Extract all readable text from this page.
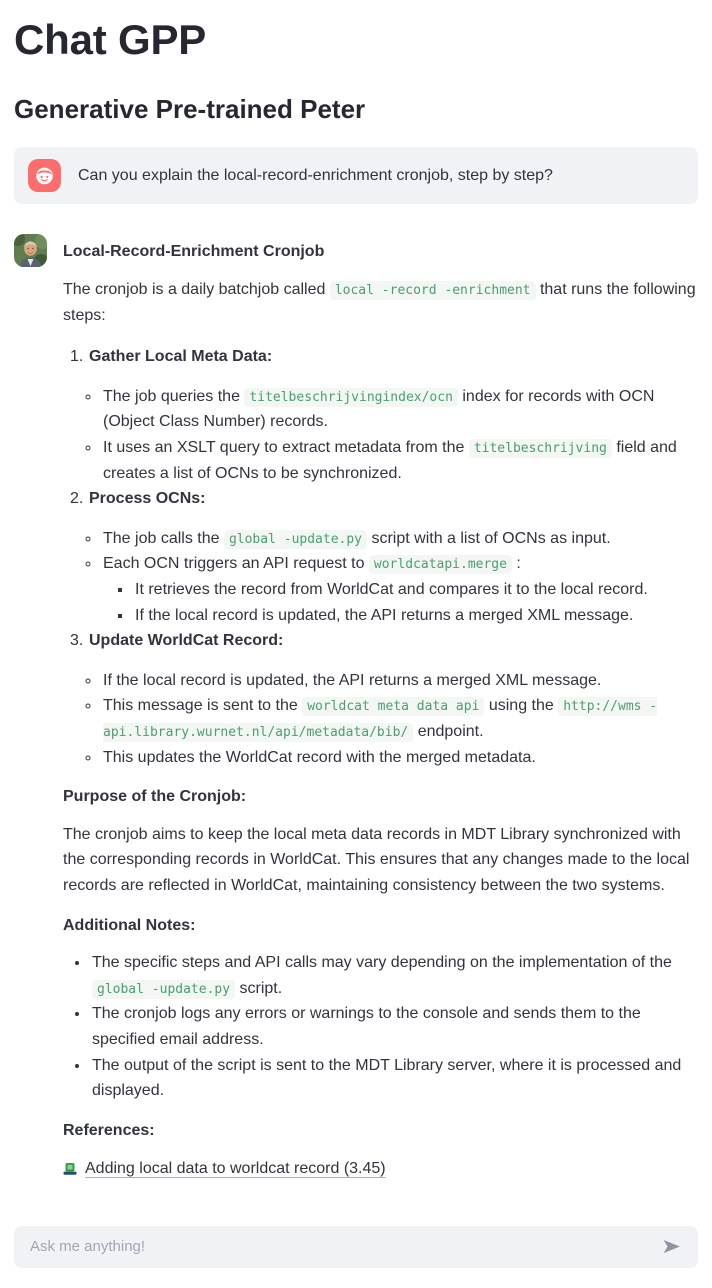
Chat GPP
Generative Pre-trained Peter
Can you explain the local-record-enrichment cronjob, step by step?

Local-Record-Enrichment Cronjob

The cronjob is a daily batchjob called local -record -enrichment that runs the following steps:

1. Gather Local Meta Data:
◦ The job queries the titelbeschrijvingindex/ocn index for records with OCN (Object Class Number) records.
◦ It uses an XSLT query to extract metadata from the titelbeschrijving field and creates a list of OCNs to be synchronized.
2. Process OCNs:
◦ The job calls the global -update.py script with a list of OCNs as input.
◦ Each OCN triggers an API request to worldcatapi.merge :
▪ It retrieves the record from WorldCat and compares it to the local record.
▪ If the local record is updated, the API returns a merged XML message.
3. Update WorldCat Record:
◦ If the local record is updated, the API returns a merged XML message.
◦ This message is sent to the worldcat meta data api using the http://wms -api.library.wurnet.nl/api/metadata/bib/ endpoint.
◦ This updates the WorldCat record with the merged metadata.

Purpose of the Cronjob:

The cronjob aims to keep the local meta data records in MDT Library synchronized with the corresponding records in WorldCat. This ensures that any changes made to the local records are reflected in WorldCat, maintaining consistency between the two systems.

Additional Notes:

• The specific steps and API calls may vary depending on the implementation of the global -update.py script.
• The cronjob logs any errors or warnings to the console and sends them to the specified email address.
• The output of the script is sent to the MDT Library server, where it is processed and displayed.

References:

Adding local data to worldcat record (3.45)

Ask me anything!
